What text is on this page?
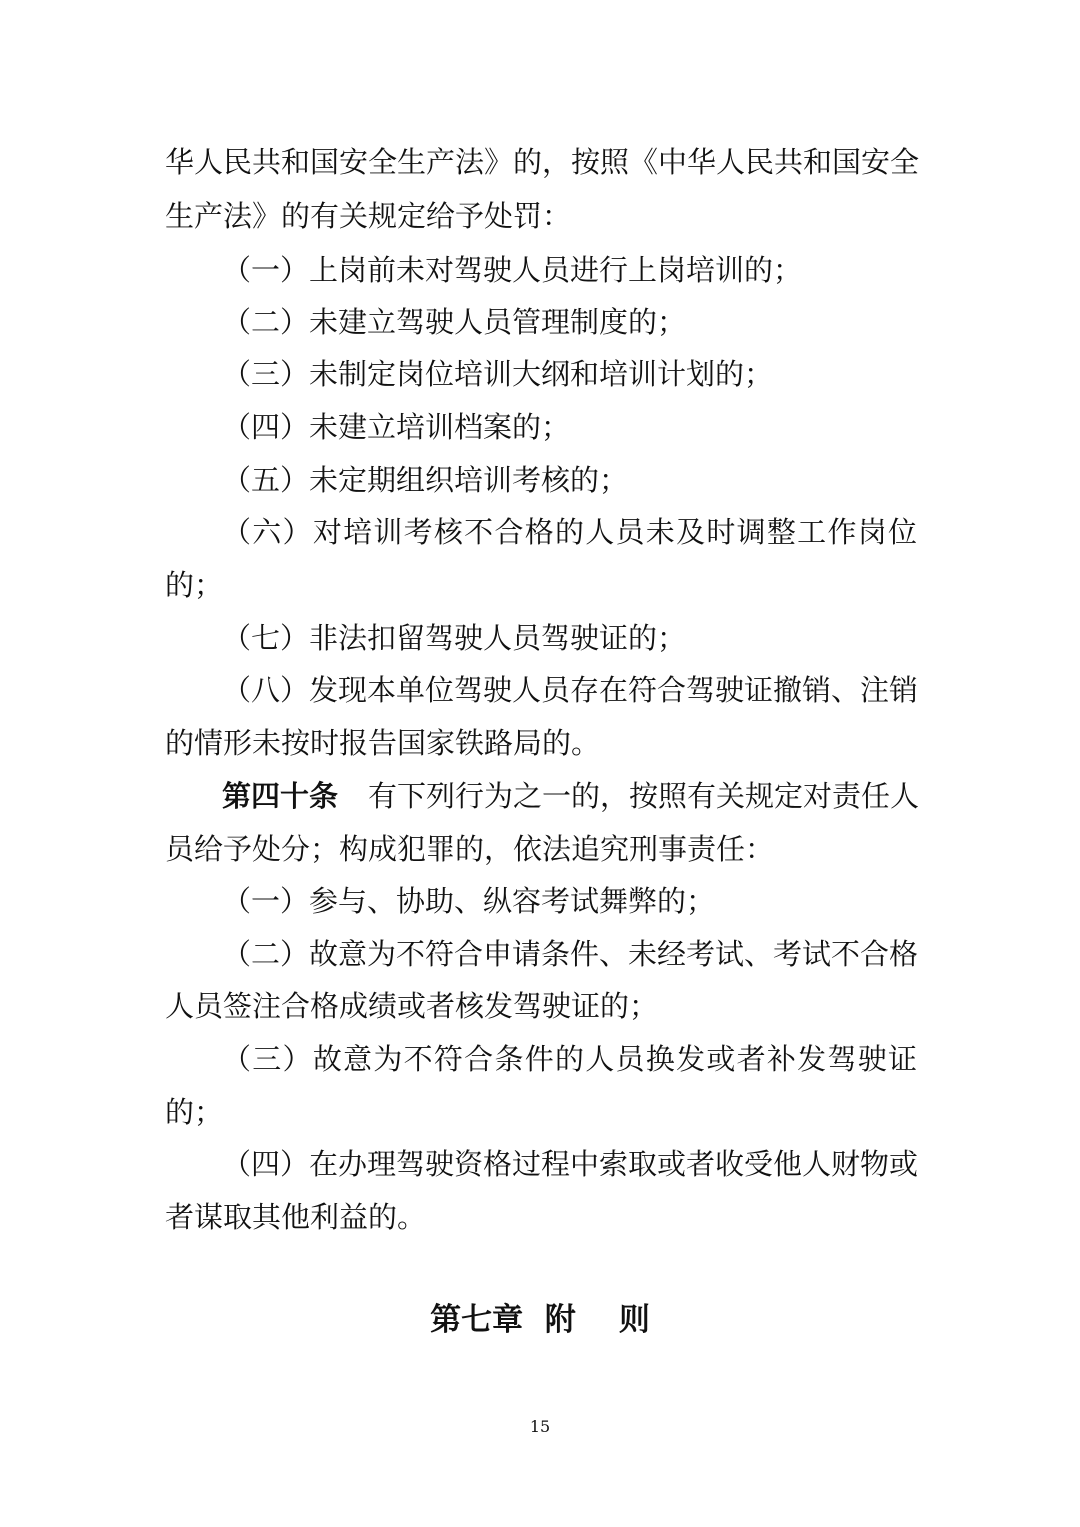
华人民共和国安全生产法》的，按照《中华人民共和国安全
生产法》的有关规定给予处罚：
（一）上岗前未对驾驶人员进行上岗培训的；
（二）未建立驾驶人员管理制度的；
（三）未制定岗位培训大纲和培训计划的；
（四）未建立培训档案的；
（五）未定期组织培训考核的；
（六）对培训考核不合格的人员未及时调整工作岗位
的；
（七）非法扣留驾驶人员驾驶证的；
（八）发现本单位驾驶人员存在符合驾驶证撤销、注销
的情形未按时报告国家铁路局的。
第四十条 有下列行为之一的，按照有关规定对责任人
员给予处分；构成犯罪的，依法追究刑事责任：
（一）参与、协助、纵容考试舞弊的；
（二）故意为不符合申请条件、未经考试、考试不合格
人员签注合格成绩或者核发驾驶证的；
（三）故意为不符合条件的人员换发或者补发驾驶证
的；
（四）在办理驾驶资格过程中索取或者收受他人财物或
者谋取其他利益的。
第七章  附    则
15
